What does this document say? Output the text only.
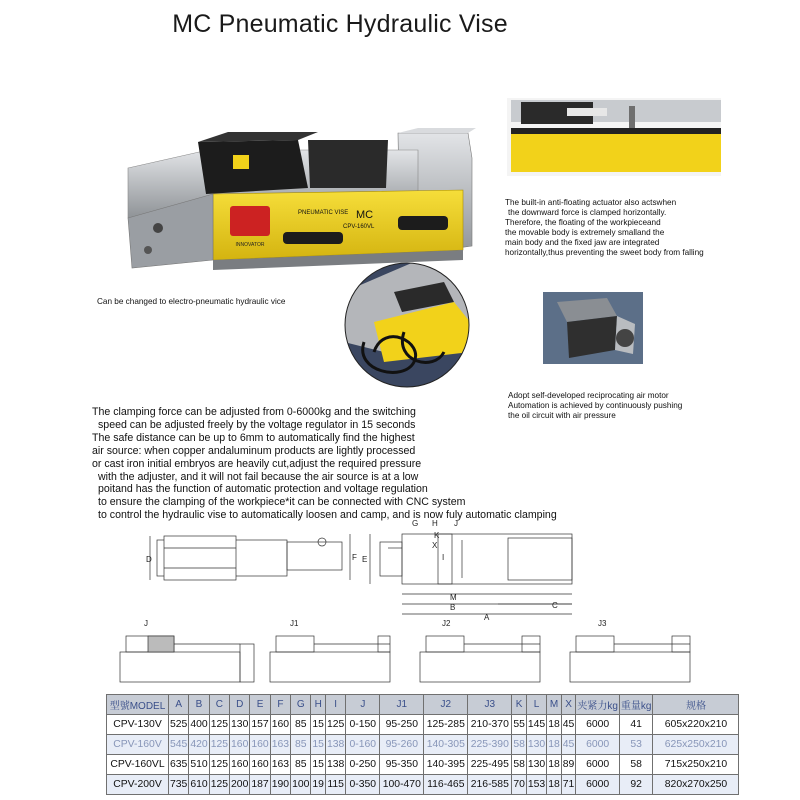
MC Pneumatic Hydraulic Vise
INNOVATOR
PNEUMATIC VISE MC
CPV-160VL
The built-in anti-floating actuator also actswhen
the downward force is clamped horizontally.
Therefore, the floating of the workpieceand
the movable body is extremely smalland the
main body and the fixed jaw are integrated
horizontally,thus preventing the sweet body from falling
Can be changed to electro-pneumatic hydraulic vice
Adopt self-developed reciprocating air motor
Automation is achieved by continuously pushing
the oil circuit with air pressure
The clamping force can be adjusted from 0-6000kg and the switching
speed can be adjusted freely by the voltage regulator in 15 seconds
The safe distance can be up to 6mm to automatically find the highest
air source: when copper andaluminum products are lightly processed
or cast iron initial embryos are heavily cut,adjust the required pressure
with the adjuster, and it will not fail because the air source is at a low
poitand has the function of automatic protection and voltage regulation
to ensure the clamping of the workpiece*it can be connected with CNC system
to control the hydraulic vise to automatically loosen and camp, and is now fuly automatic clamping
D	F E
G H J
K
X
I
M
B	C
A
J	J1	J2	J3
型號MODEL	A	B	C	D	E	F	G	H	I	J	J1	J2	J3	K	L	M	X	夹紧力kg	重量kg	规格
CPV-130V	525	400	125	130	157	160	85	15	125	0-150	95-250	125-285	210-370	55	145	18	45	6000	41	605x220x210
CPV-160V	545	420	125	160	160	163	85	15	138	0-160	95-260	140-305	225-390	58	130	18	45	6000	53	625x250x210
CPV-160VL	635	510	125	160	160	163	85	15	138	0-250	95-350	140-395	225-495	58	130	18	89	6000	58	715x250x210
CPV-200V	735	610	125	200	187	190	100	19	115	0-350	100-470	116-465	216-585	70	153	18	71	6000	92	820x270x250
